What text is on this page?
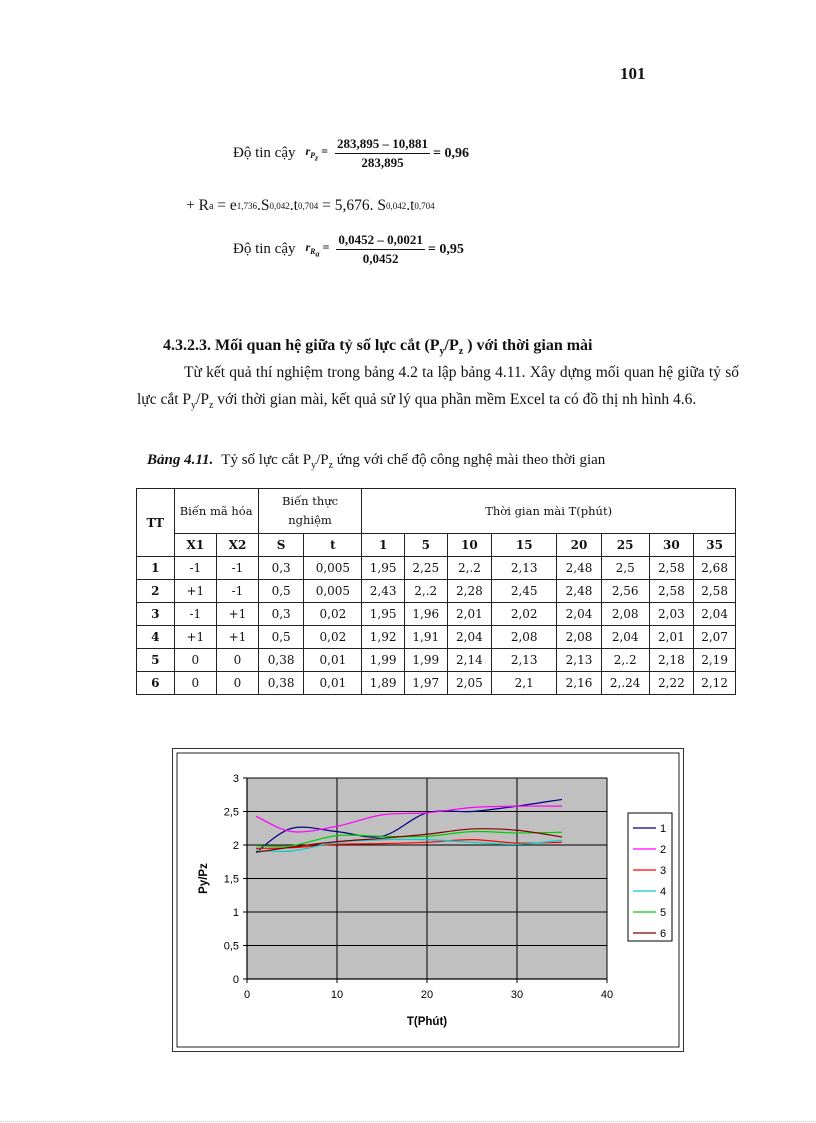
101
Độ tin cậy $r_{P_z} = \frac{283,895 - 10,881}{283,895} = 0,96$
+ R a = e 1,736 .S 0,042 .t 0,704 = 5,676. S 0,042 .t 0,704
Độ tin cậy $r_{R_a} = \frac{0,0452 - 0,0021}{0,0452} = 0,95$
4.3.2.3. Mối quan hệ giữa tỷ số lực cắt ($P_y/P_z$ ) với thời gian mài
Từ kết quả thí nghiệm trong bảng 4.2 ta lập bảng 4.11. Xây dựng mối quan hệ giữa tỷ số lực cắt $P_y/P_z$ với thời gian mài, kết quả sử lý qua phần mềm Excel ta có đồ thị nh hình 4.6.
Bảng 4.11. Tỷ số lực cắt $P_y/P_z$ ứng với chế độ công nghệ mài theo thời gian
TT	Biến mã hóa		Biến thực nghiệm		Thời gian mài T(phút)							
	X1	X2	S	t	1	5	10	15	20	25	30	35
1	-1	-1	0,3	0,005	1,95	2,25	2,.2	2,13	2,48	2,5	2,58	2,68
2	+1	-1	0,5	0,005	2,43	2,.2	2,28	2,45	2,48	2,56	2,58	2,58
3	-1	+1	0,3	0,02	1,95	1,96	2,01	2,02	2,04	2,08	2,03	2,04
4	+1	+1	0,5	0,02	1,92	1,91	2,04	2,08	2,08	2,04	2,01	2,07
5	0	0	0,38	0,01	1,99	1,99	2,14	2,13	2,13	2,.2	2,18	2,19
6	0	0	0,38	0,01	1,89	1,97	2,05	2,1	2,16	2,.24	2,22	2,12
0
0,5
1
1,5
2
2,5
3
0	10	20	30	40
T(Phút)
Py/Pz
1
2
3
4
5
6
